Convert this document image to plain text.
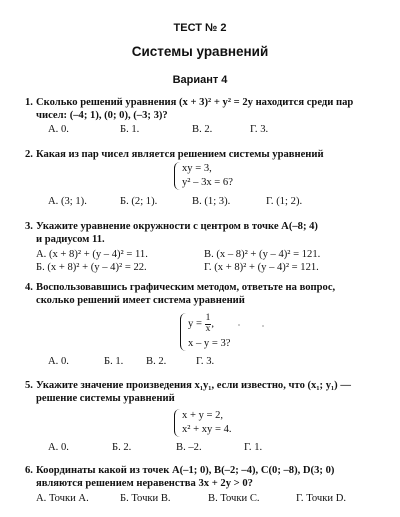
ТЕСТ № 2
Системы уравнений
Вариант 4
1. Сколько решений уравнения (x + 3)² + y² = 2y находится среди пар
чисел: (–4; 1), (0; 0), (–3; 3)?
А. 0.	Б. 1.	В. 2.	Г. 3.
2. Какая из пар чисел является решением системы уравнений
xy = 3,
y² – 3x = 6?
А. (3; 1).	Б. (2; 1).	В. (1; 3).	Г. (1; 2).
3. Укажите уравнение окружности с центром в точке A(–8; 4)
и радиусом 11.
А. (x + 8)² + (y – 4)² = 11.	В. (x – 8)² + (y – 4)² = 121.
Б. (x + 8)² + (y – 4)² = 22.	Г. (x + 8)² + (y – 4)² = 121.
4. Воспользовавшись графическим методом, ответьте на вопрос,
сколько решений имеет система уравнений
$y = \frac{1}{x}$ ,
x – y = 3?
А. 0.	Б. 1. В. 2.	Г. 3.
5. Укажите значение произведения x₁y₁, если известно, что (x₁; y₁) —
решение системы уравнений
x + y = 2,
x² + xy = 4.
А. 0.	Б. 2.	В. –2.	Г. 1.
6. Координаты какой из точек A(–1; 0), B(–2; –4), C(0; –8), D(3; 0)
являются решением неравенства 3x + 2y > 0?
А. Точки A.	Б. Точки B.	В. Точки C.	Г. Точки D.
